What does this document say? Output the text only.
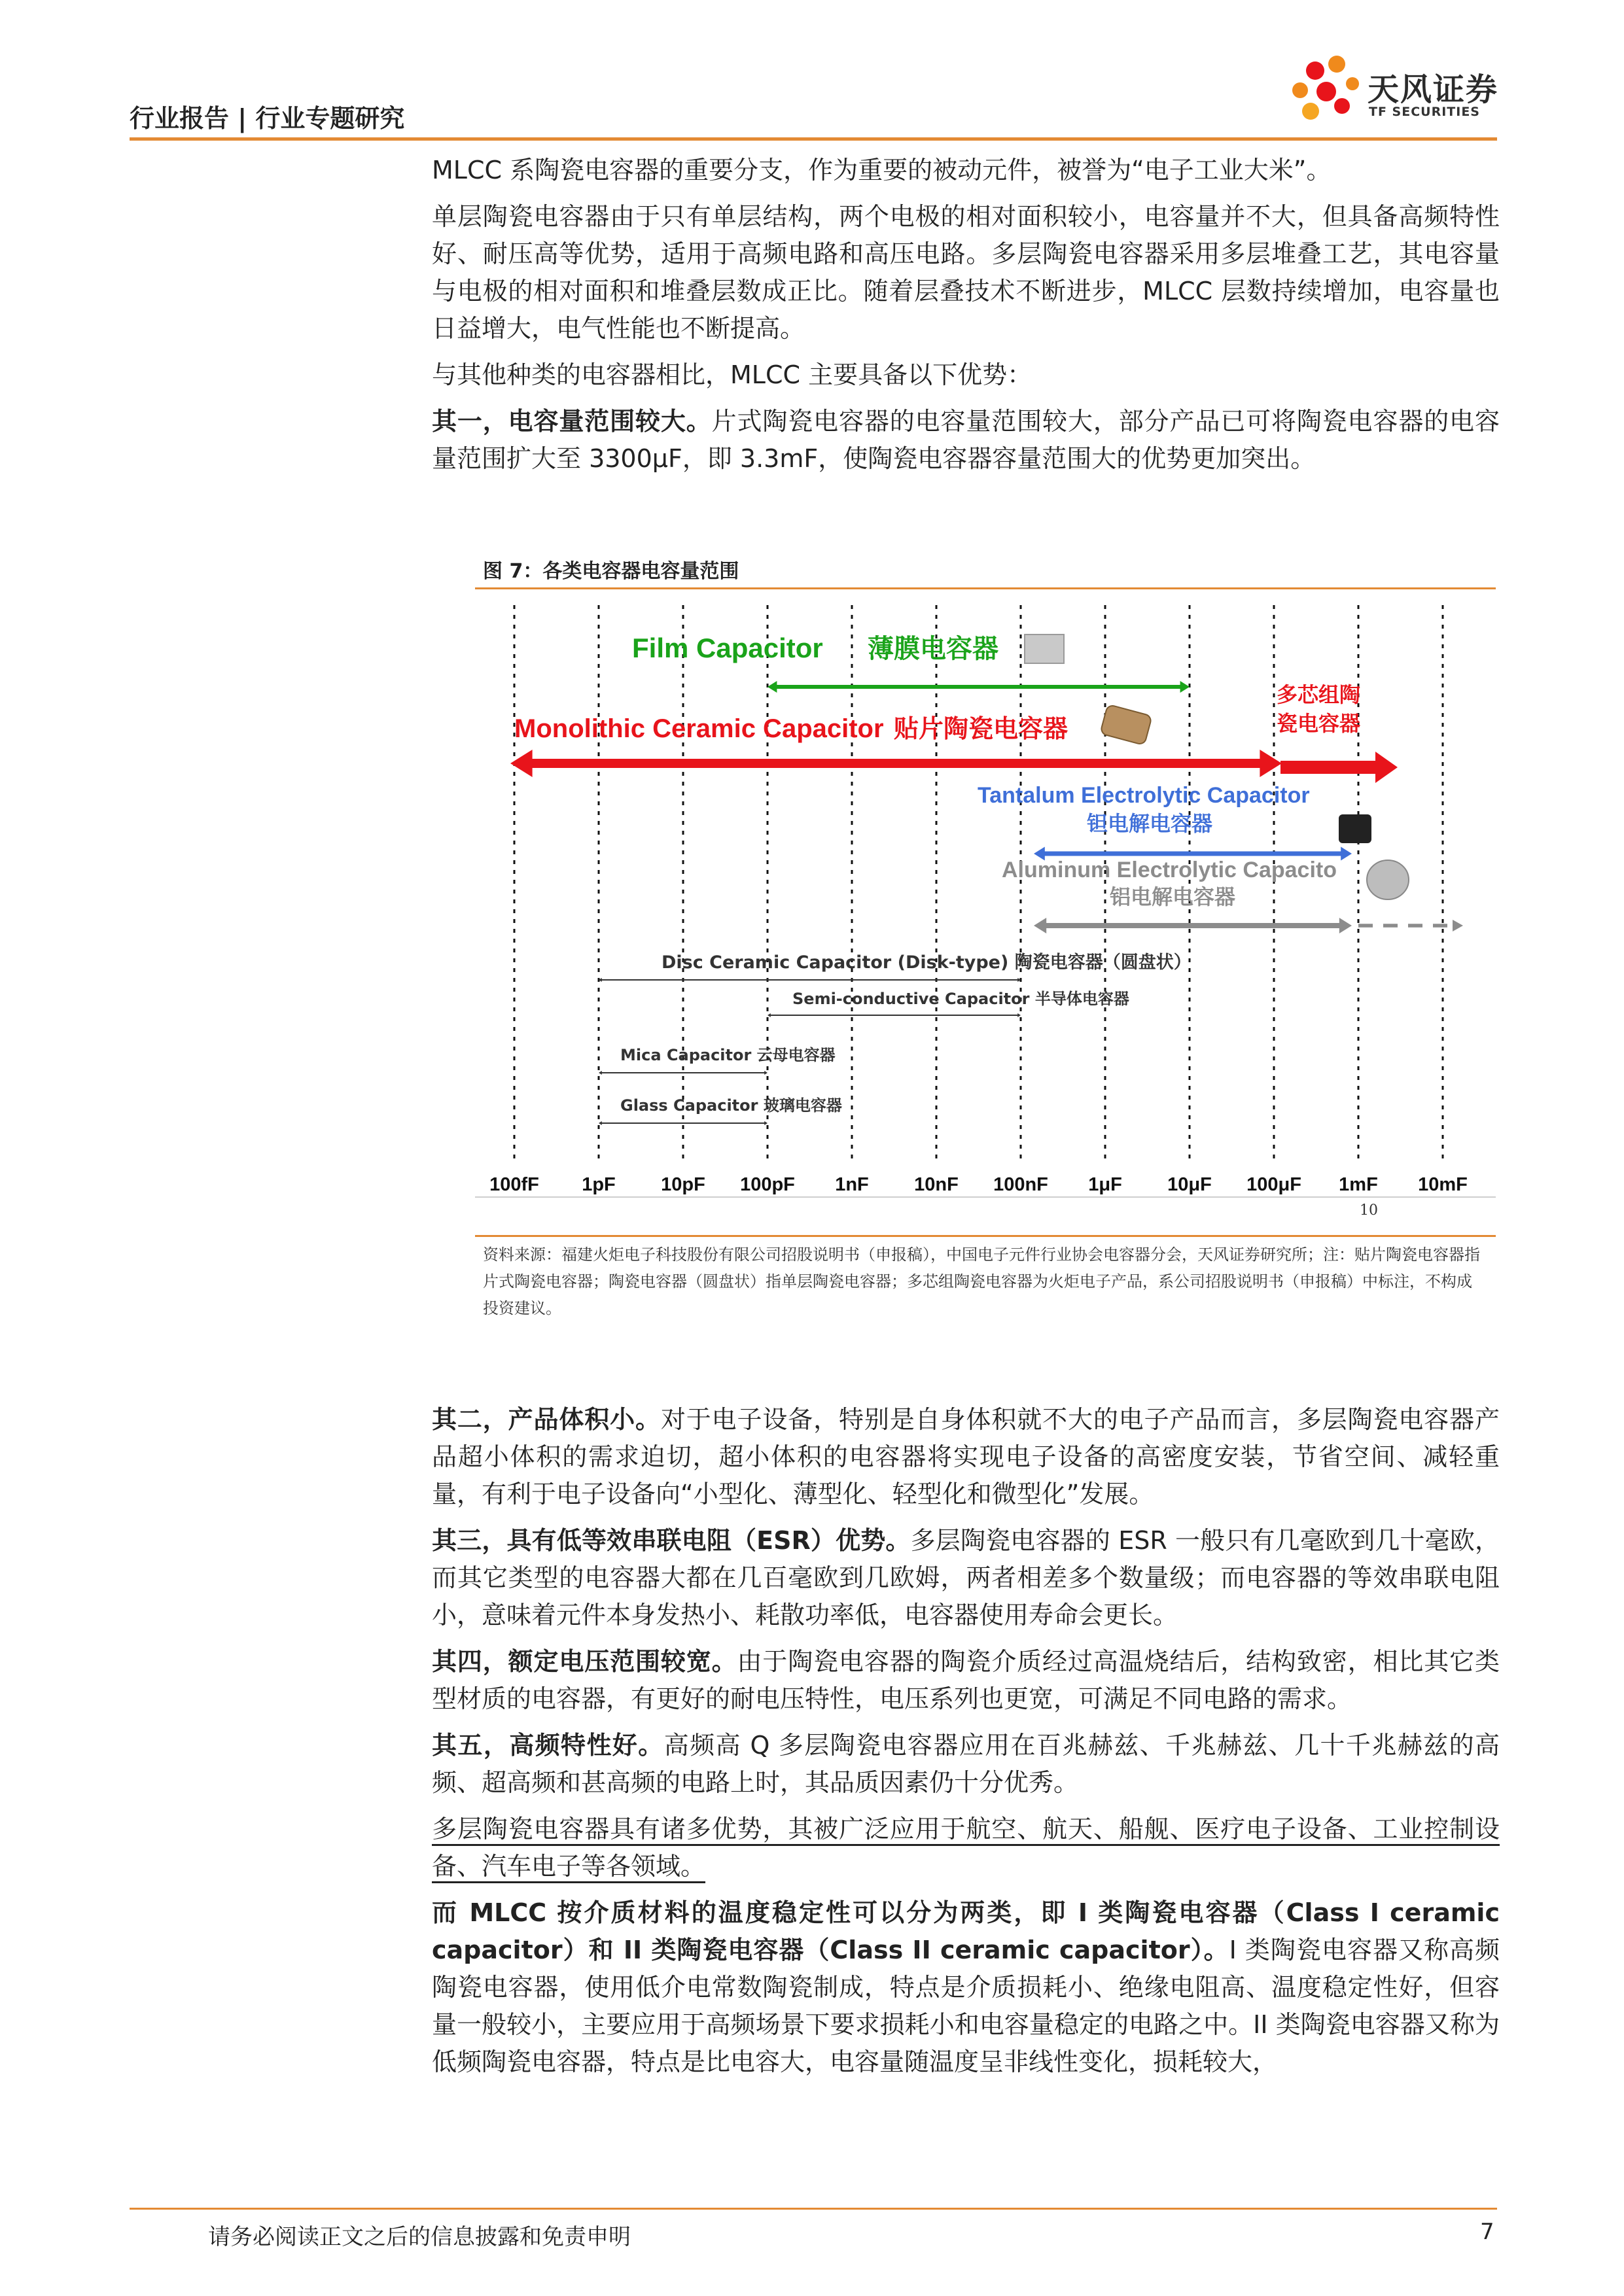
行业报告 | 行业专题研究
天风证券
TF SECURITIES

MLCC 系陶瓷电容器的重要分支，作为重要的被动元件，被誉为“电子工业大米”。

单层陶瓷电容器由于只有单层结构，两个电极的相对面积较小，电容量并不大，但具备高频特性好、耐压高等优势，适用于高频电路和高压电路。多层陶瓷电容器采用多层堆叠工艺，其电容量与电极的相对面积和堆叠层数成正比。随着层叠技术不断进步，MLCC 层数持续增加，电容量也日益增大，电气性能也不断提高。

与其他种类的电容器相比，MLCC 主要具备以下优势：

其一，电容量范围较大。片式陶瓷电容器的电容量范围较大，部分产品已可将陶瓷电容器的电容量范围扩大至 3300μF，即 3.3mF，使陶瓷电容器容量范围大的优势更加突出。

图 7：各类电容器电容量范围
100fF 1pF 10pF 100pF 1nF 10nF 100nF 1μF 10μF 100μF 1mF 10mF
Film Capacitor 薄膜电容器
Monolithic Ceramic Capacitor 贴片陶瓷电容器
多芯组陶
瓷电容器
Tantalum Electrolytic Capacitor
钽电解电容器
Aluminum Electrolytic Capacito
铝电解电容器
Disc Ceramic Capacitor (Disk-type) 陶瓷电容器（圆盘状）
Semi-conductive Capacitor 半导体电容器
Mica Capacitor 云母电容器
Glass Capacitor 玻璃电容器
10
资料来源：福建火炬电子科技股份有限公司招股说明书（申报稿），中国电子元件行业协会电容器分会，天风证券研究所；注：贴片陶瓷电容器指片式陶瓷电容器；陶瓷电容器（圆盘状）指单层陶瓷电容器；多芯组陶瓷电容器为火炬电子产品，系公司招股说明书（申报稿）中标注，不构成投资建议。

其二，产品体积小。对于电子设备，特别是自身体积就不大的电子产品而言，多层陶瓷电容器产品超小体积的需求迫切，超小体积的电容器将实现电子设备的高密度安装，节省空间、减轻重量，有利于电子设备向“小型化、薄型化、轻型化和微型化”发展。

其三，具有低等效串联电阻（ESR）优势。多层陶瓷电容器的 ESR 一般只有几毫欧到几十毫欧，而其它类型的电容器大都在几百毫欧到几欧姆，两者相差多个数量级；而电容器的等效串联电阻小，意味着元件本身发热小、耗散功率低，电容器使用寿命会更长。

其四，额定电压范围较宽。由于陶瓷电容器的陶瓷介质经过高温烧结后，结构致密，相比其它类型材质的电容器，有更好的耐电压特性，电压系列也更宽，可满足不同电路的需求。

其五，高频特性好。高频高 Q 多层陶瓷电容器应用在百兆赫兹、千兆赫兹、几十千兆赫兹的高频、超高频和甚高频的电路上时，其品质因素仍十分优秀。

多层陶瓷电容器具有诸多优势，其被广泛应用于航空、航天、船舰、医疗电子设备、工业控制设备、汽车电子等各领域。

而 MLCC 按介质材料的温度稳定性可以分为两类，即 I 类陶瓷电容器（Class I ceramic capacitor）和 II 类陶瓷电容器（Class II ceramic capacitor）。I 类陶瓷电容器又称高频陶瓷电容器，使用低介电常数陶瓷制成，特点是介质损耗小、绝缘电阻高、温度稳定性好，但容量一般较小，主要应用于高频场景下要求损耗小和电容量稳定的电路之中。II 类陶瓷电容器又称为低频陶瓷电容器，特点是比电容大，电容量随温度呈非线性变化，损耗较大，

请务必阅读正文之后的信息披露和免责申明	7
